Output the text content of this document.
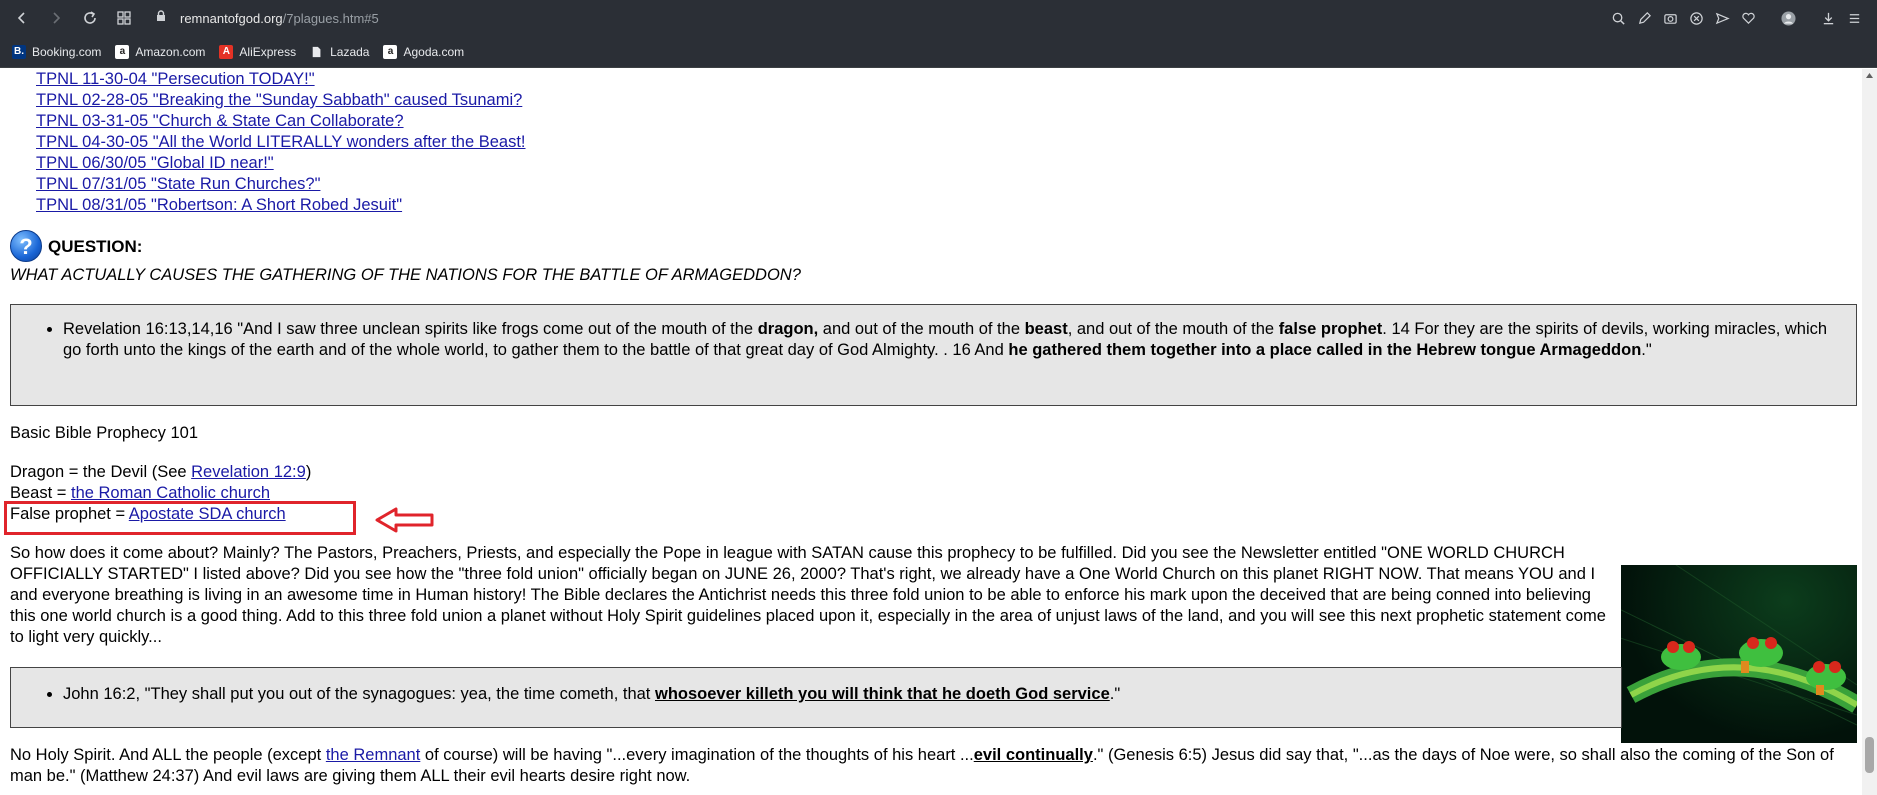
remnantofgod.org/7plagues.htm#5
B. Booking.com	a Amazon.com	A AliExpress	Lazada	a Agoda.com
TPNL 11-30-04 "Persecution TODAY!"
TPNL 02-28-05 "Breaking the "Sunday Sabbath" caused Tsunami?
TPNL 03-31-05 "Church & State Can Collaborate?
TPNL 04-30-05 "All the World LITERALLY wonders after the Beast!
TPNL 06/30/05 "Global ID near!"
TPNL 07/31/05 "State Run Churches?"
TPNL 08/31/05 "Robertson: A Short Robed Jesuit"
? QUESTION:
WHAT ACTUALLY CAUSES THE GATHERING OF THE NATIONS FOR THE BATTLE OF ARMAGEDDON?
• Revelation 16:13,14,16 "And I saw three unclean spirits like frogs come out of the mouth of the dragon, and out of the mouth of the beast, and out of the mouth of the false prophet. 14 For they are the spirits of devils, working miracles, which go forth unto the kings of the earth and of the whole world, to gather them to the battle of that great day of God Almighty. . 16 And he gathered them together into a place called in the Hebrew tongue Armageddon."
Basic Bible Prophecy 101
Dragon = the Devil (See Revelation 12:9)
Beast = the Roman Catholic church
False prophet = Apostate SDA church
So how does it come about? Mainly? The Pastors, Preachers, Priests, and especially the Pope in league with SATAN cause this prophecy to be fulfilled. Did you see the Newsletter entitled "ONE WORLD CHURCH OFFICIALLY STARTED" I listed above? Did you see how the "three fold union" officially began on JUNE 26, 2000? That's right, we already have a One World Church on this planet RIGHT NOW. That means YOU and I and everyone breathing is living in an awesome time in Human history! The Bible declares the Antichrist needs this three fold union to be able to enforce his mark upon the deceived that are being conned into believing this one world church is a good thing. Add to this three fold union a planet without Holy Spirit guidelines placed upon it, especially in the area of unjust laws of the land, and you will see this next prophetic statement come to light very quickly...
• John 16:2, "They shall put you out of the synagogues: yea, the time cometh, that whosoever killeth you will think that he doeth God service."
No Holy Spirit. And ALL the people (except the Remnant of course) will be having "...every imagination of the thoughts of his heart ...evil continually." (Genesis 6:5) Jesus did say that, "...as the days of Noe were, so shall also the coming of the Son of man be." (Matthew 24:37) And evil laws are giving them ALL their evil hearts desire right now.
